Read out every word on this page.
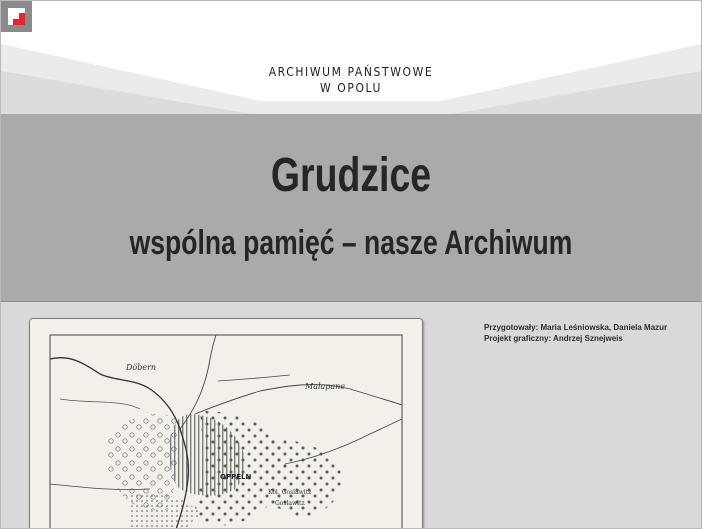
ARCHIWUM PAŃSTWOWE
W OPOLU
Grudzice
wspólna pamięć – nasze Archiwum
Döbern
Malapane
OPPELN
Kol. Goslawitz
Goslawitz
Przygotowały: Maria Leśniowska, Daniela Mazur
Projekt graficzny: Andrzej Sznejweis
